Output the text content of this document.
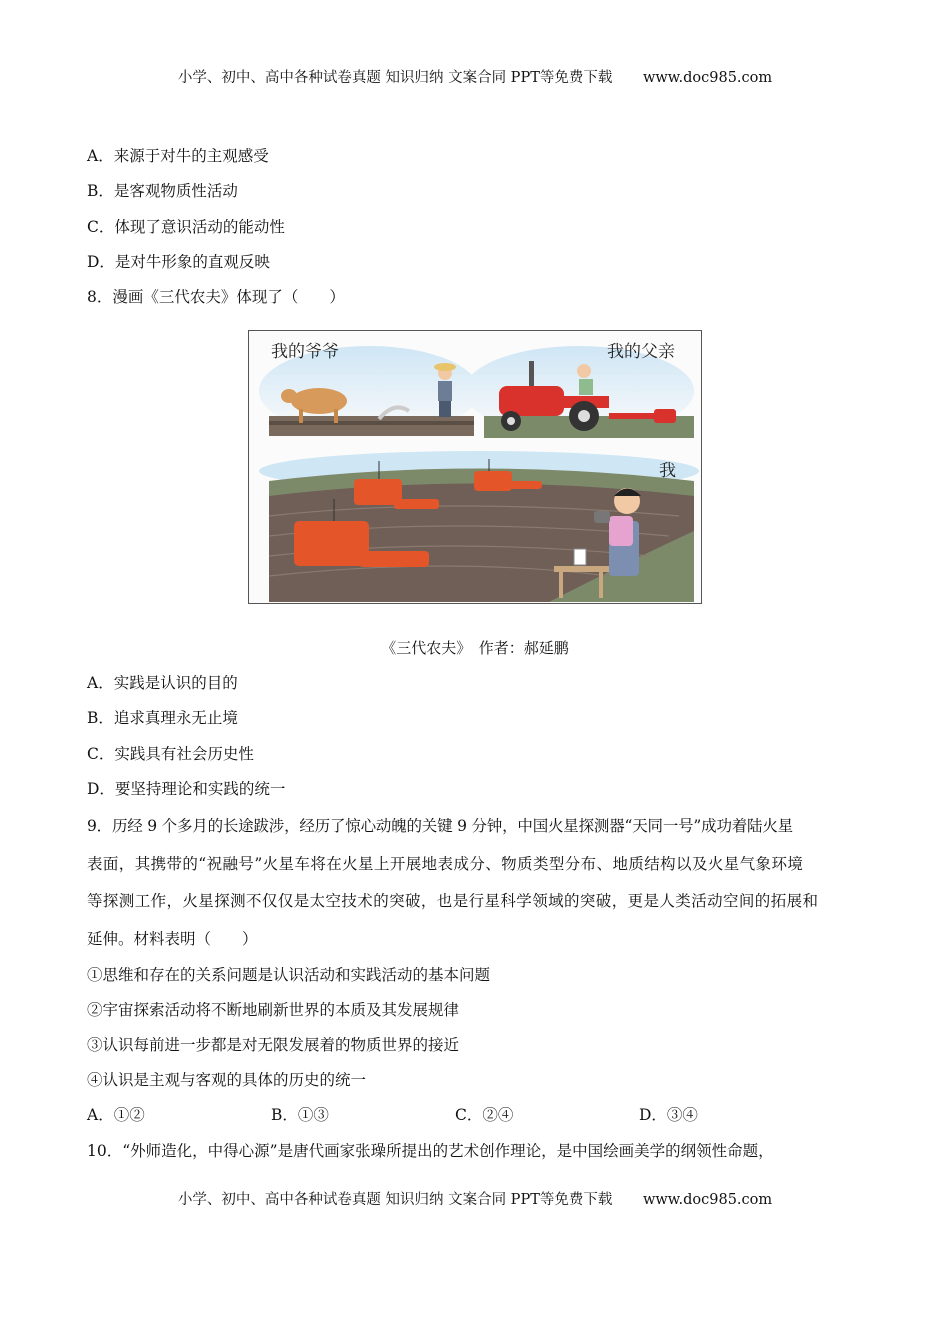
小学、初中、高中各种试卷真题 知识归纳 文案合同 PPT等免费下载 www.doc985.com
A．来源于对牛的主观感受
B．是客观物质性活动
C．体现了意识活动的能动性
D．是对牛形象的直观反映
8．漫画《三代农夫》体现了（　　）
我的爷爷	我的父亲
我
《三代农夫》　作者：郝延鹏
A．实践是认识的目的
B．追求真理永无止境
C．实践具有社会历史性
D．要坚持理论和实践的统一
9．历经 9 个多月的长途跋涉，经历了惊心动魄的关键 9 分钟，中国火星探测器“天同一号”成功着陆火星
表面，其携带的“祝融号”火星车将在火星上开展地表成分、物质类型分布、地质结构以及火星气象环境
等探测工作，火星探测不仅仅是太空技术的突破，也是行星科学领域的突破，更是人类活动空间的拓展和
延伸。材料表明（　　）
①思维和存在的关系问题是认识活动和实践活动的基本问题
②宇宙探索活动将不断地刷新世界的本质及其发展规律
③认识每前进一步都是对无限发展着的物质世界的接近
④认识是主观与客观的具体的历史的统一
A．①②	B．①③	C．②④	D．③④
10．“外师造化，中得心源”是唐代画家张璪所提出的艺术创作理论，是中国绘画美学的纲领性命题，
小学、初中、高中各种试卷真题 知识归纳 文案合同 PPT等免费下载 www.doc985.com
